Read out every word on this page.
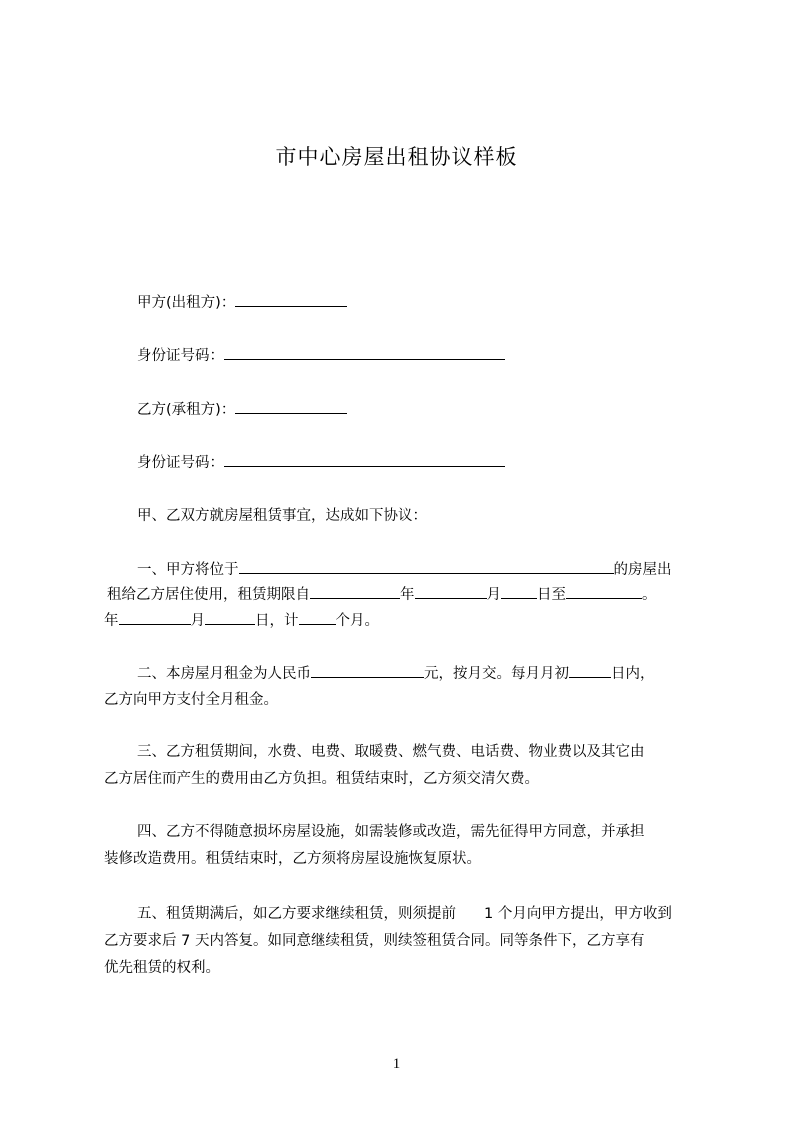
市中心房屋出租协议样板
甲方(出租方)：
身份证号码：
乙方(承租方)：
身份证号码：
甲、乙双方就房屋租赁事宜，达成如下协议：
一、甲方将位于	的房屋出
租给乙方居住使用，租赁期限自	年	月 日至	。
年	月	日，计	个月。
二、本房屋月租金为人民币	元，按月交。每月月初	日内，
乙方向甲方支付全月租金。
三、乙方租赁期间，水费、电费、取暖费、燃气费、电话费、物业费以及其它由
乙方居住而产生的费用由乙方负担。租赁结束时，乙方须交清欠费。
四、乙方不得随意损坏房屋设施，如需装修或改造，需先征得甲方同意，并承担
装修改造费用。租赁结束时，乙方须将房屋设施恢复原状。
五、租赁期满后，如乙方要求继续租赁，则须提前 1 个月向甲方提出，甲方收到
乙方要求后 7 天内答复。如同意继续租赁，则续签租赁合同。同等条件下，乙方享有
优先租赁的权利。
1
